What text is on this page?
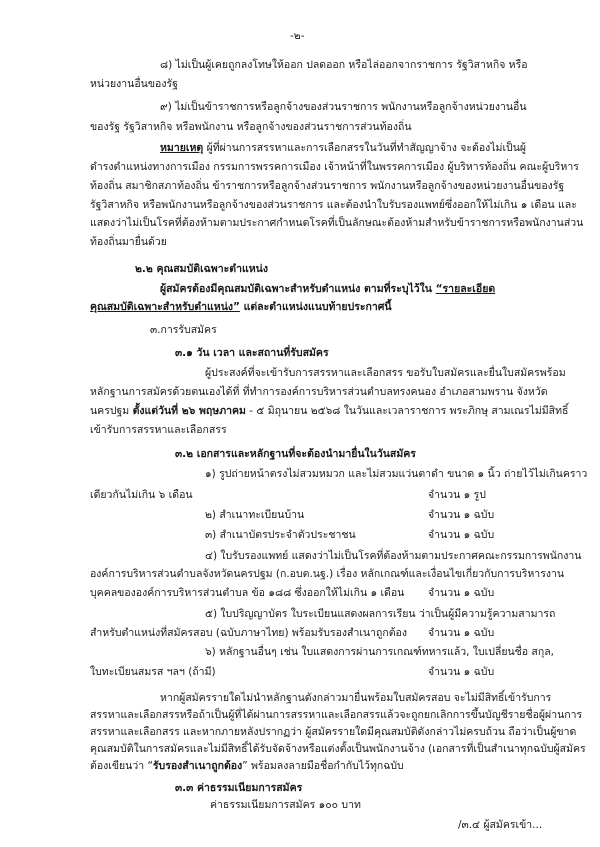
-๒-
๘) ไม่เป็นผู้เคยถูกลงโทษให้ออก ปลดออก หรือไล่ออกจากราชการ รัฐวิสาหกิจ หรือ
หน่วยงานอื่นของรัฐ
๙) ไม่เป็นข้าราชการหรือลูกจ้างของส่วนราชการ พนักงานหรือลูกจ้างหน่วยงานอื่น
ของรัฐ รัฐวิสาหกิจ หรือพนักงาน หรือลูกจ้างของส่วนราชการส่วนท้องถิ่น
หมายเหตุ ผู้ที่ผ่านการสรรหาและการเลือกสรรในวันที่ทำสัญญาจ้าง จะต้องไม่เป็นผู้
ดำรงตำแหน่งทางการเมือง กรรมการพรรคการเมือง เจ้าหน้าที่ในพรรคการเมือง ผู้บริหารท้องถิ่น คณะผู้บริหาร
ท้องถิ่น สมาชิกสภาท้องถิ่น ข้าราชการหรือลูกจ้างส่วนราชการ พนักงานหรือลูกจ้างของหน่วยงานอื่นของรัฐ
รัฐวิสาหกิจ หรือพนักงานหรือลูกจ้างของส่วนราชการ และต้องนำใบรับรองแพทย์ซึ่งออกให้ไม่เกิน ๑ เดือน และ
แสดงว่าไม่เป็นโรคที่ต้องห้ามตามประกาศกำหนดโรคที่เป็นลักษณะต้องห้ามสำหรับข้าราชการหรือพนักงานส่วน
ท้องถิ่นมายื่นด้วย
๒.๒ คุณสมบัติเฉพาะตำแหน่ง
ผู้สมัครต้องมีคุณสมบัติเฉพาะสำหรับตำแหน่ง ตามที่ระบุไว้ใน “รายละเอียด
คุณสมบัติเฉพาะสำหรับตำแหน่ง” แต่ละตำแหน่งแนบท้ายประกาศนี้
๓.การรับสมัคร
๓.๑ วัน เวลา และสถานที่รับสมัคร
ผู้ประสงค์ที่จะเข้ารับการสรรหาและเลือกสรร ขอรับใบสมัครและยื่นใบสมัครพร้อม
หลักฐานการสมัครด้วยตนเองได้ที่ ที่ทำการองค์การบริหารส่วนตำบลทรงคนอง อำเภอสามพราน จังหวัด
นครปฐม ตั้งแต่วันที่ ๒๖ พฤษภาคม - ๕ มิถุนายน ๒๕๖๘ ในวันและเวลาราชการ พระภิกษุ สามเณรไม่มีสิทธิ์
เข้ารับการสรรหาและเลือกสรร
๓.๒ เอกสารและหลักฐานที่จะต้องนำมายื่นในวันสมัคร
๑) รูปถ่ายหน้าตรงไม่สวมหมวก และไม่สวมแว่นตาดำ ขนาด ๑ นิ้ว ถ่ายไว้ไม่เกินคราว
เดียวกันไม่เกิน ๖ เดือน	จำนวน ๑ รูป
๒) สำเนาทะเบียนบ้าน	จำนวน ๑ ฉบับ
๓) สำเนาบัตรประจำตัวประชาชน	จำนวน ๑ ฉบับ
๔) ใบรับรองแพทย์ แสดงว่าไม่เป็นโรคที่ต้องห้ามตามประกาศคณะกรรมการพนักงาน
องค์การบริหารส่วนตำบลจังหวัดนครปฐม (ก.อบต.นฐ.) เรื่อง หลักเกณฑ์และเงื่อนไขเกี่ยวกับการบริหารงาน
บุคคลขององค์การบริหารส่วนตำบล ข้อ ๑๘๘ ซึ่งออกให้ไม่เกิน ๑ เดือน จำนวน ๑ ฉบับ
๕) ใบปริญญาบัตร ใบระเบียนแสดงผลการเรียน ว่าเป็นผู้มีความรู้ความสามารถ
สำหรับตำแหน่งที่สมัครสอบ (ฉบับภาษาไทย) พร้อมรับรองสำเนาถูกต้อง จำนวน ๑ ฉบับ
๖) หลักฐานอื่นๆ เช่น ใบแสดงการผ่านการเกณฑ์ทหารแล้ว, ใบเปลี่ยนชื่อ สกุล,
ใบทะเบียนสมรส ฯลฯ (ถ้ามี)	จำนวน ๑ ฉบับ
หากผู้สมัครรายใดไม่นำหลักฐานดังกล่าวมายื่นพร้อมใบสมัครสอบ จะไม่มีสิทธิ์เข้ารับการ
สรรหาและเลือกสรรหรือถ้าเป็นผู้ที่ได้ผ่านการสรรหาและเลือกสรรแล้วจะถูกยกเลิกการขึ้นบัญชีรายชื่อผู้ผ่านการ
สรรหาและเลือกสรร และหากภายหลังปรากฏว่า ผู้สมัครรายใดมีคุณสมบัติดังกล่าวไม่ครบถ้วน ถือว่าเป็นผู้ขาด
คุณสมบัติในการสมัครและไม่มีสิทธิ์ได้รับจัดจ้างหรือแต่งตั้งเป็นพนักงานจ้าง (เอกสารที่เป็นสำเนาทุกฉบับผู้สมัคร
ต้องเขียนว่า “รับรองสำเนาถูกต้อง” พร้อมลงลายมือชื่อกำกับไว้ทุกฉบับ
๓.๓ ค่าธรรมเนียมการสมัคร
ค่าธรรมเนียมการสมัคร ๑๐๐ บาท
/๓.๔ ผู้สมัครเข้า...
